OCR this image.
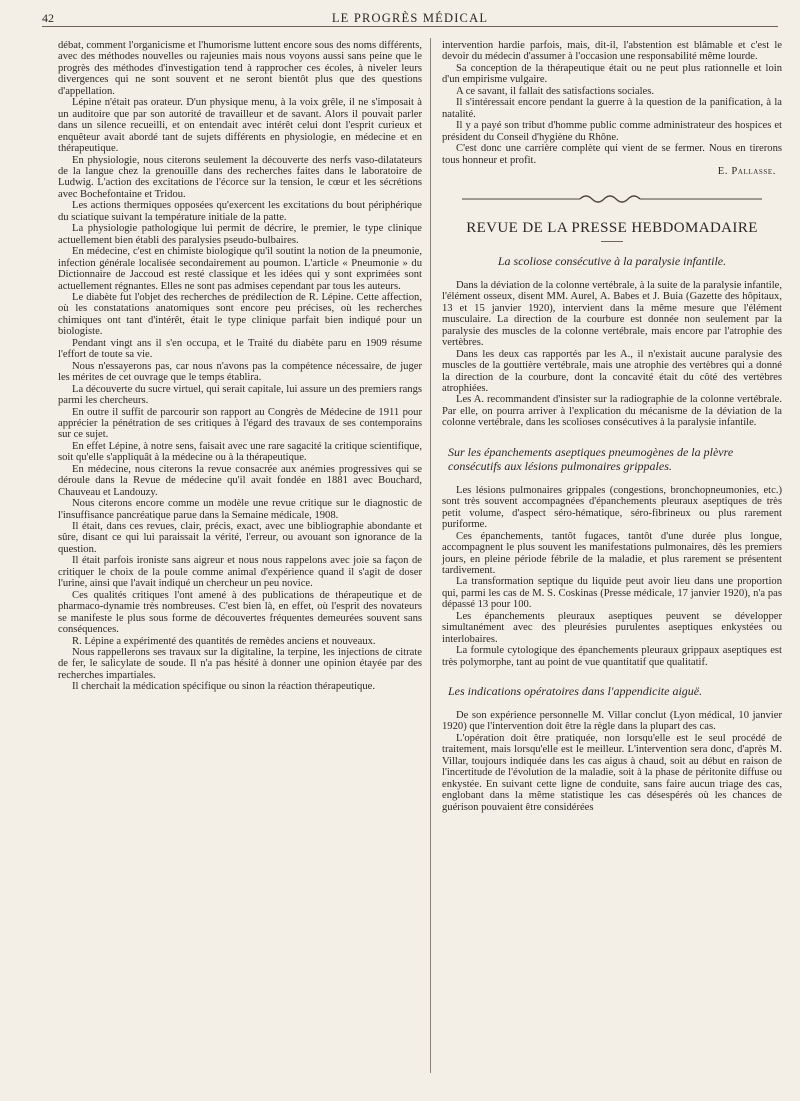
42	LE PROGRÈS MÉDICAL

débat, comment l'organicisme et l'humorisme luttent encore sous des noms différents, avec des méthodes nouvelles ou rajeunies mais nous voyons aussi sans peine que le progrès des méthodes d'investigation tend à rapprocher ces écoles, à niveler leurs divergences qui ne sont souvent et ne seront bientôt plus que des questions d'appellation.

Lépine n'était pas orateur. D'un physique menu, à la voix grêle, il ne s'imposait à un auditoire que par son autorité de travailleur et de savant. Alors il pouvait parler dans un silence recueilli, et on entendait avec intérêt celui dont l'esprit curieux et enquêteur avait abordé tant de sujets différents en physiologie, en médecine et en thérapeutique.

En physiologie, nous citerons seulement la découverte des nerfs vaso-dilatateurs de la langue chez la grenouille dans des recherches faites dans le laboratoire de Ludwig. L'action des excitations de l'écorce sur la tension, le cœur et les sécrétions avec Bochefontaine et Tridou.

Les actions thermiques opposées qu'exercent les excitations du bout périphérique du sciatique suivant la température initiale de la patte.

La physiologie pathologique lui permit de décrire, le premier, le type clinique actuellement bien établi des paralysies pseudo-bulbaires.

En médecine, c'est en chimiste biologique qu'il soutint la notion de la pneumonie, infection générale localisée secondairement au poumon. L'article « Pneumonie » du Dictionnaire de Jaccoud est resté classique et les idées qui y sont exprimées sont actuellement régnantes. Elles ne sont pas admises cependant par tous les auteurs.

Le diabète fut l'objet des recherches de prédilection de R. Lépine. Cette affection, où les constatations anatomiques sont encore peu précises, où les recherches chimiques ont tant d'intérêt, était le type clinique parfait bien indiqué pour un biologiste.

Pendant vingt ans il s'en occupa, et le Traité du diabète paru en 1909 résume l'effort de toute sa vie.

Nous n'essayerons pas, car nous n'avons pas la compétence nécessaire, de juger les mérites de cet ouvrage que le temps établira.

La découverte du sucre virtuel, qui serait capitale, lui assure un des premiers rangs parmi les chercheurs.

En outre il suffit de parcourir son rapport au Congrès de Médecine de 1911 pour apprécier la pénétration de ses critiques à l'égard des travaux de ses contemporains sur ce sujet.

En effet Lépine, à notre sens, faisait avec une rare sagacité la critique scientifique, soit qu'elle s'appliquât à la médecine ou à la thérapeutique.

En médecine, nous citerons la revue consacrée aux anémies progressives qui se déroule dans la Revue de médecine qu'il avait fondée en 1881 avec Bouchard, Chauveau et Landouzy.

Nous citerons encore comme un modèle une revue critique sur le diagnostic de l'insuffisance pancréatique parue dans la Semaine médicale, 1908.

Il était, dans ces revues, clair, précis, exact, avec une bibliographie abondante et sûre, disant ce qui lui paraissait la vérité, l'erreur, ou avouant son ignorance de la question.

Il était parfois ironiste sans aigreur et nous nous rappelons avec joie sa façon de critiquer le choix de la poule comme animal d'expérience quand il s'agit de doser l'urine, ainsi que l'avait indiqué un chercheur un peu novice.

Ces qualités critiques l'ont amené à des publications de thérapeutique et de pharmaco-dynamie très nombreuses. C'est bien là, en effet, où l'esprit des novateurs se manifeste le plus sous forme de découvertes fréquentes demeurées souvent sans conséquences.

R. Lépine a expérimenté des quantités de remèdes anciens et nouveaux.

Nous rappellerons ses travaux sur la digitaline, la terpine, les injections de citrate de fer, le salicylate de soude. Il n'a pas hésité à donner une opinion étayée par des recherches impartiales.

Il cherchait la médication spécifique ou sinon la réaction thérapeutique.

intervention hardie parfois, mais, dit-il, l'abstention est blâmable et c'est le devoir du médecin d'assumer à l'occasion une responsabilité même lourde.

Sa conception de la thérapeutique était ou ne peut plus rationnelle et loin d'un empirisme vulgaire.

A ce savant, il fallait des satisfactions sociales.

Il s'intéressait encore pendant la guerre à la question de la panification, à la natalité.

Il y a payé son tribut d'homme public comme administrateur des hospices et président du Conseil d'hygiène du Rhône.

C'est donc une carrière complète qui vient de se fermer. Nous en tirerons tous honneur et profit.

E. Pallasse.
REVUE DE LA PRESSE HEBDOMADAIRE
La scoliose consécutive à la paralysie infantile.

Dans la déviation de la colonne vertébrale, à la suite de la paralysie infantile, l'élément osseux, disent MM. Aurel, A. Babes et J. Buia (Gazette des hôpitaux, 13 et 15 janvier 1920), intervient dans la même mesure que l'élément musculaire. La direction de la courbure est donnée non seulement par la paralysie des muscles de la colonne vertébrale, mais encore par l'atrophie des vertèbres.

Dans les deux cas rapportés par les A., il n'existait aucune paralysie des muscles de la gouttière vertébrale, mais une atrophie des vertèbres qui a donné la direction de la courbure, dont la concavité était du côté des vertèbres atrophiées.

Les A. recommandent d'insister sur la radiographie de la colonne vertébrale. Par elle, on pourra arriver à l'explication du mécanisme de la déviation de la colonne vertébrale, dans les scolioses consécutives à la paralysie infantile.

Sur les épanchements aseptiques pneumogènes de la plèvre consécutifs aux lésions pulmonaires grippales.

Les lésions pulmonaires grippales (congestions, bronchopneumonies, etc.) sont très souvent accompagnées d'épanchements pleuraux aseptiques de très petit volume, d'aspect séro-hématique, séro-fibrineux ou plus rarement puriforme.

Ces épanchements, tantôt fugaces, tantôt d'une durée plus longue, accompagnent le plus souvent les manifestations pulmonaires, dès les premiers jours, en pleine période fébrile de la maladie, et plus rarement se présentent tardivement.

La transformation septique du liquide peut avoir lieu dans une proportion qui, parmi les cas de M. S. Coskinas (Presse médicale, 17 janvier 1920), n'a pas dépassé 13 pour 100.

Les épanchements pleuraux aseptiques peuvent se développer simultanément avec des pleurésies purulentes aseptiques enkystées ou interlobaires.

La formule cytologique des épanchements pleuraux grippaux aseptiques est très polymorphe, tant au point de vue quantitatif que qualitatif.

Les indications opératoires dans l'appendicite aiguë.

De son expérience personnelle M. Villar conclut (Lyon médical, 10 janvier 1920) que l'intervention doit être la règle dans la plupart des cas.

L'opération doit être pratiquée, non lorsqu'elle est le seul procédé de traitement, mais lorsqu'elle est le meilleur. L'intervention sera donc, d'après M. Villar, toujours indiquée dans les cas aigus à chaud, soit au début en raison de l'incertitude de l'évolution de la maladie, soit à la phase de péritonite diffuse ou enkystée. En suivant cette ligne de conduite, sans faire aucun triage des cas, englobant dans la même statistique les cas désespérés où les chances de guérison pouvaient être considérées
